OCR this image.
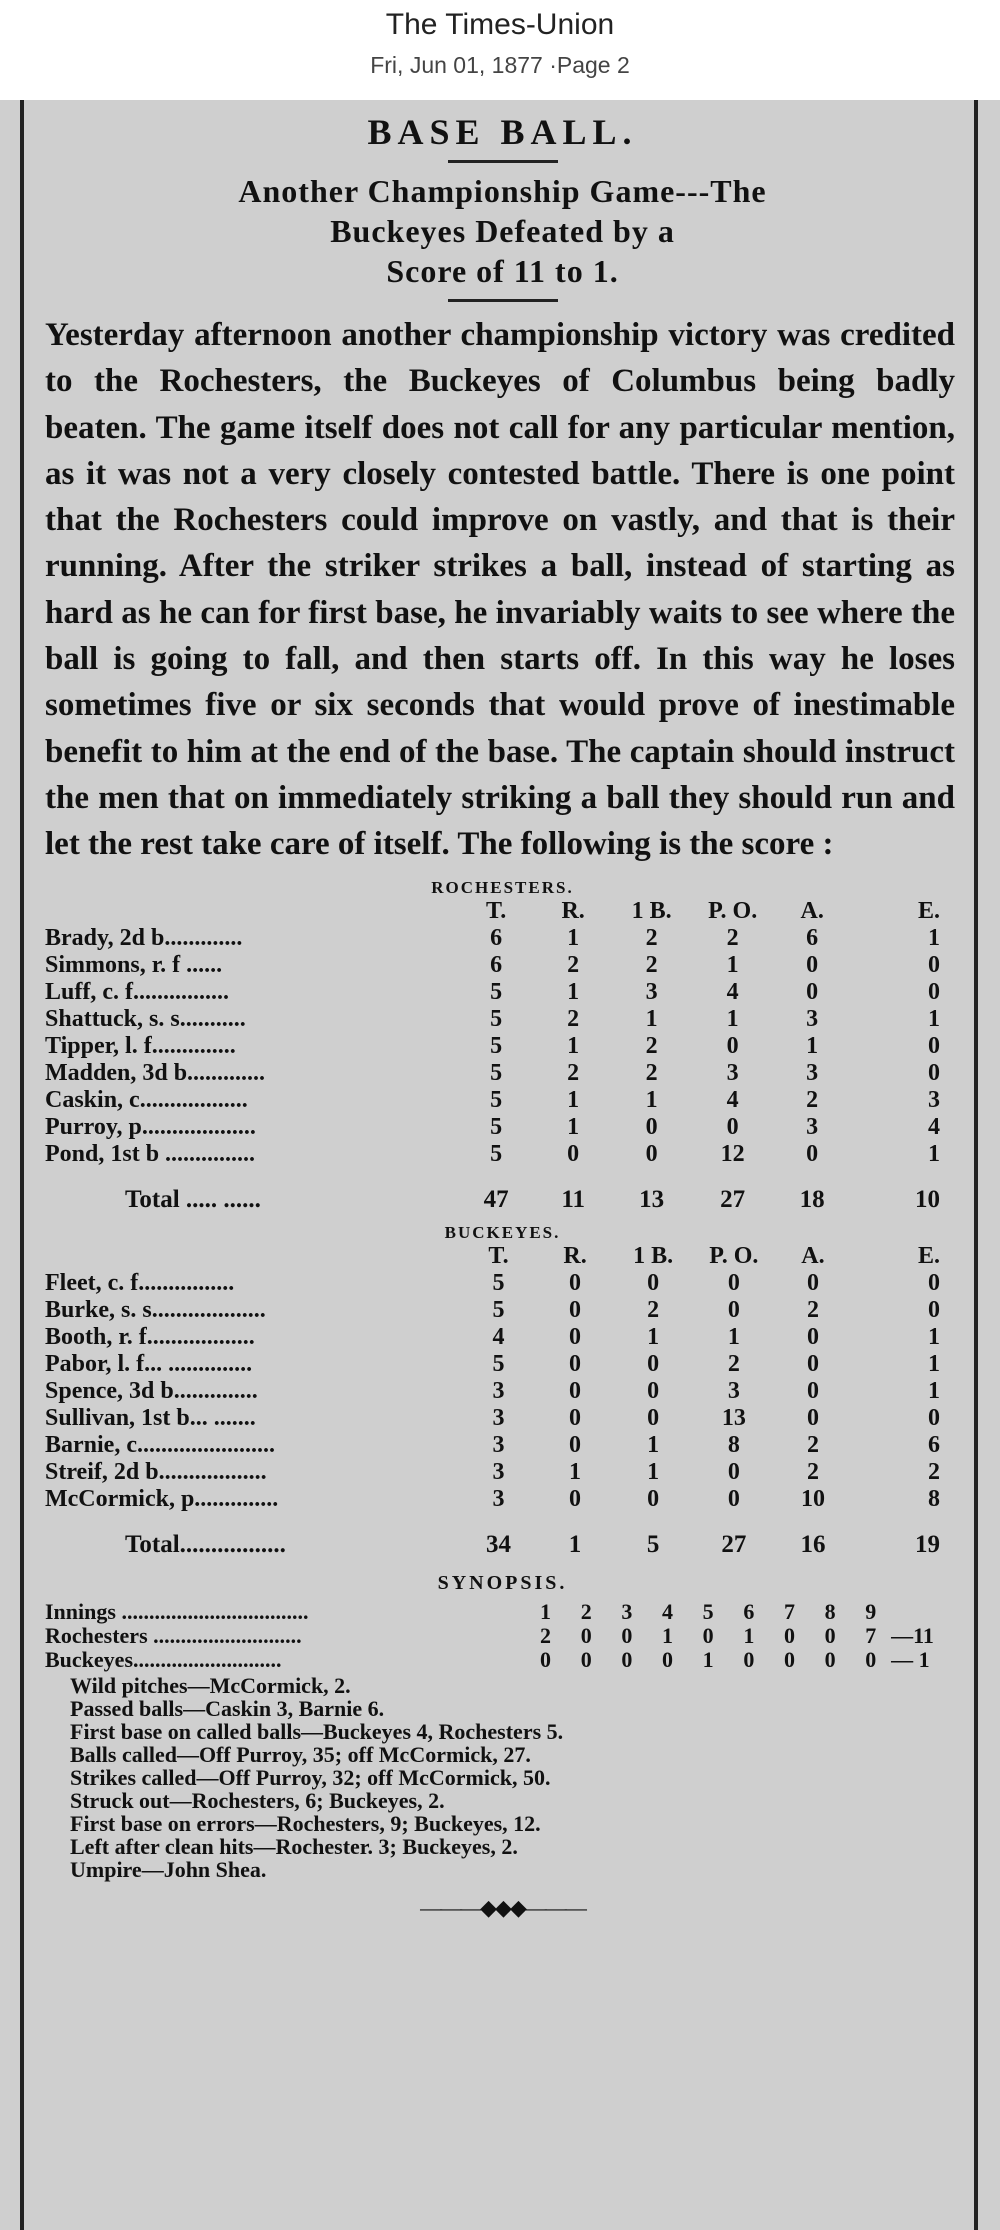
The Times-Union
Fri, Jun 01, 1877 ·Page 2
BASE BALL.
Another Championship Game---The
Buckeyes Defeated by a
Score of 11 to 1.
Yesterday afternoon another championship victory was credited to the Rochesters, the Buckeyes of Columbus being badly beaten. The game itself does not call for any particular mention, as it was not a very closely contested battle. There is one point that the Rochesters could improve on vastly, and that is their running. After the striker strikes a ball, instead of starting as hard as he can for first base, he invariably waits to see where the ball is going to fall, and then starts off. In this way he loses sometimes five or six seconds that would prove of inestimable benefit to him at the end of the base. The captain should instruct the men that on immediately striking a ball they should run and let the rest take care of itself. The following is the score :
ROCHESTERS.
	T.	R.	1 B.	P. O.	A.	E.
Brady, 2d b.............	6	1	2	2	6	1
Simmons, r. f ......	6	2	2	1	0	0
Luff, c. f................	5	1	3	4	0	0
Shattuck, s. s...........	5	2	1	1	3	1
Tipper, l. f..............	5	1	2	0	1	0
Madden, 3d b.............	5	2	2	3	3	0
Caskin, c..................	5	1	1	4	2	3
Purroy, p...................	5	1	0	0	3	4
Pond, 1st b ...............	5	0	0	12	0	1
Total ..... ......	47	11	13	27	18	10
BUCKEYES.
	T.	R.	1 B.	P. O.	A.	E.
Fleet, c. f................	5	0	0	0	0	0
Burke, s. s...................	5	0	2	0	2	0
Booth, r. f..................	4	0	1	1	0	1
Pabor, l. f... ..............	5	0	0	2	0	1
Spence, 3d b..............	3	0	0	3	0	1
Sullivan, 1st b... .......	3	0	0	13	0	0
Barnie, c.......................	3	0	1	8	2	6
Streif, 2d b..................	3	1	1	0	2	2
McCormick, p..............	3	0	0	0	10	8
Total.................	34	1	5	27	16	19
SYNOPSIS.
Innings ..................................	1	2	3	4	5	6	7	8	9	
Rochesters ...........................	2	0	0	1	0	1	0	0	7	—11
Buckeyes...........................	0	0	0	0	1	0	0	0	0	— 1
Wild pitches—McCormick, 2.
Passed balls—Caskin 3, Barnie 6.
First base on called balls—Buckeyes 4, Rochesters 5.
Balls called—Off Purroy, 35; off McCormick, 27.
Strikes called—Off Purroy, 32; off McCormick, 50.
Struck out—Rochesters, 6; Buckeyes, 2.
First base on errors—Rochesters, 9; Buckeyes, 12.
Left after clean hits—Rochester. 3; Buckeyes, 2.
Umpire—John Shea.
———◆◆◆———
